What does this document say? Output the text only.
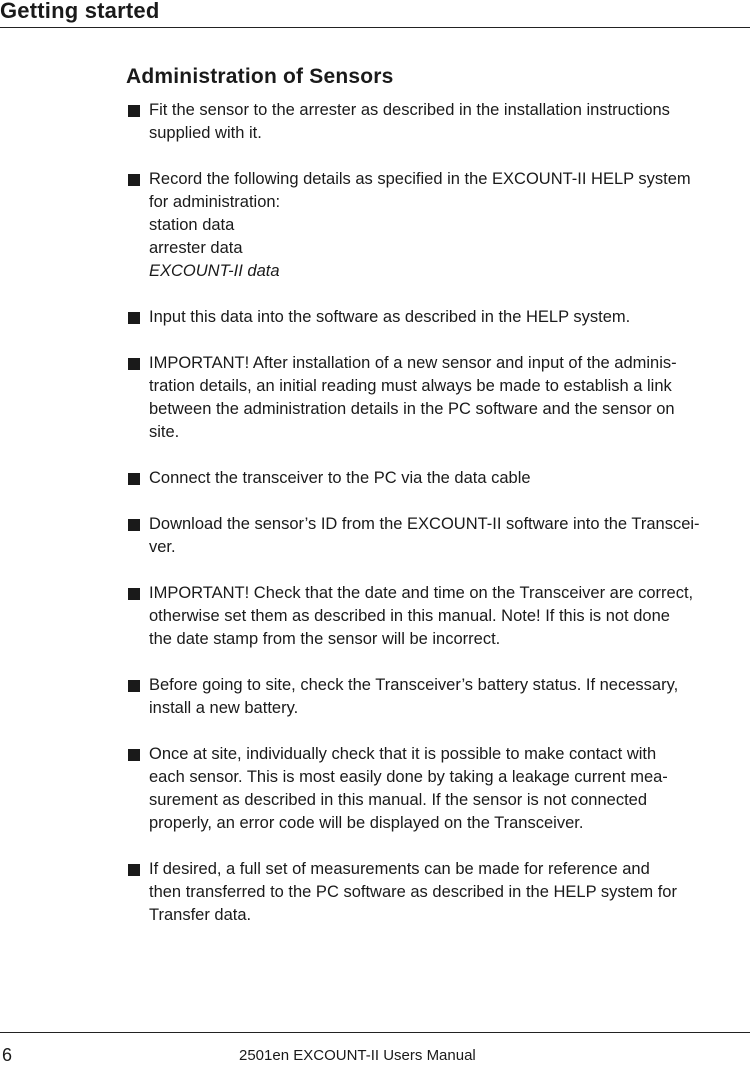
Getting started
Administration of Sensors
Fit the sensor to the arrester as described in the installation instructions
supplied with it.
Record the following details as specified in the EXCOUNT-II HELP system
for administration:
station data
arrester data
EXCOUNT-II data
Input this data into the software as described in the HELP system.
IMPORTANT! After installation of a new sensor and input of the adminis-
tration details, an initial reading must always be made to establish a link
between the administration details in the PC software and the sensor on
site.
Connect the transceiver to the PC via the data cable
Download the sensor’s ID from the EXCOUNT-II software into the Transcei-
ver.
IMPORTANT! Check that the date and time on the Transceiver are correct,
otherwise set them as described in this manual. Note! If this is not done
the date stamp from the sensor will be incorrect.
Before going to site, check the Transceiver’s battery status. If necessary,
install a new battery.
Once at site, individually check that it is possible to make contact with
each sensor. This is most easily done by taking a leakage current mea-
surement as described in this manual. If the sensor is not connected
properly, an error code will be displayed on the Transceiver.
If desired, a full set of measurements can be made for reference and
then transferred to the PC software as described in the HELP system for
Transfer data.
6	2501en EXCOUNT-II Users Manual
